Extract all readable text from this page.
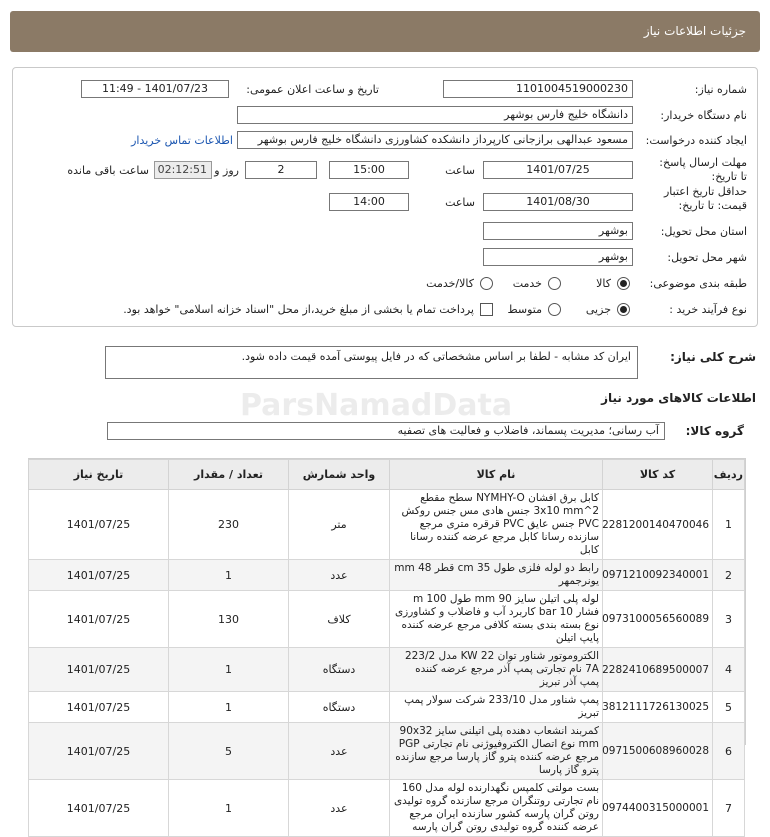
جزئیات اطلاعات نیاز
شماره نیاز:
1101004519000230
تاریخ و ساعت اعلان عمومی:
1401/07/23 - 11:49
نام دستگاه خریدار:
دانشگاه خلیج فارس بوشهر
ایجاد کننده درخواست:
مسعود عبدالهی برازجانی کارپرداز دانشکده کشاورزی دانشگاه خلیج فارس بوشهر
اطلاعات تماس خریدار
مهلت ارسال پاسخ: تا تاریخ:
1401/07/25
ساعت
15:00
2
روز و
02:12:51
ساعت باقی مانده
حداقل تاریخ اعتبار قیمت: تا تاریخ:
1401/08/30
ساعت
14:00
استان محل تحویل:
بوشهر
شهر محل تحویل:
بوشهر
طبقه بندی موضوعی:
کالا
خدمت
کالا/خدمت
نوع فرآیند خرید :
جزیی
متوسط
پرداخت تمام یا بخشی از مبلغ خرید،از محل "اسناد خزانه اسلامی" خواهد بود.
شرح کلی نیاز:
ایران کد مشابه - لطفا بر اساس مشخصاتی که در فایل پیوستی آمده قیمت داده شود.
ParsNamadData	اطلاعات کالاهای مورد نیاز
گروه کالا:
آب رسانی؛ مدیریت پسماند، فاضلاب و فعالیت های تصفیه
ردیف	کد کالا	نام کالا	واحد شمارش	تعداد / مقدار	تاریخ نیاز
1	2281200140470046	کابل برق افشان NYMHY-O سطح مقطع 2^3x10 mm جنس هادی مس جنس روکش PVC جنس عایق PVC قرقره متری مرجع سازنده رسانا کابل مرجع عرضه کننده رسانا کابل	متر	230	1401/07/25
2	0971210092340001	رابط دو لوله فلزی طول 35 cm قطر 48 mm یونرجمهر	عدد	1	1401/07/25
3	0973100056560089	لوله پلی اتیلن سایز 90 mm طول 100 m فشار 10 bar کاربرد آب و فاضلاب و کشاورزی نوع بسته بندی بسته کلافی مرجع عرضه کننده پایپ اتیلن	کلاف	130	1401/07/25
4	2282410689500007	الکتروموتور شناور توان 22 KW مدل 223/2 7A نام تجارتی پمپ آذر مرجع عرضه کننده پمپ آذر تبریز	دستگاه	1	1401/07/25
5	3812111726130025	پمپ شناور مدل 233/10 شرکت سولار پمپ تبریز	دستگاه	1	1401/07/25
6	0971500608960028	کمربند انشعاب دهنده پلی اتیلنی سایز 90x32 mm نوع اتصال الکتروفیوژنی نام تجارتی PGP مرجع عرضه کننده پترو گاز پارسا مرجع سازنده پترو گاز پارسا	عدد	5	1401/07/25
7	0974400315000001	بست مولتی کلمپس نگهدارنده لوله مدل 160 نام تجارتی روتنگران مرجع سازنده گروه تولیدی روتن گران پارسه کشور سازنده ایران مرجع عرضه کننده گروه تولیدی روتن گران پارسه	عدد	1	1401/07/25
